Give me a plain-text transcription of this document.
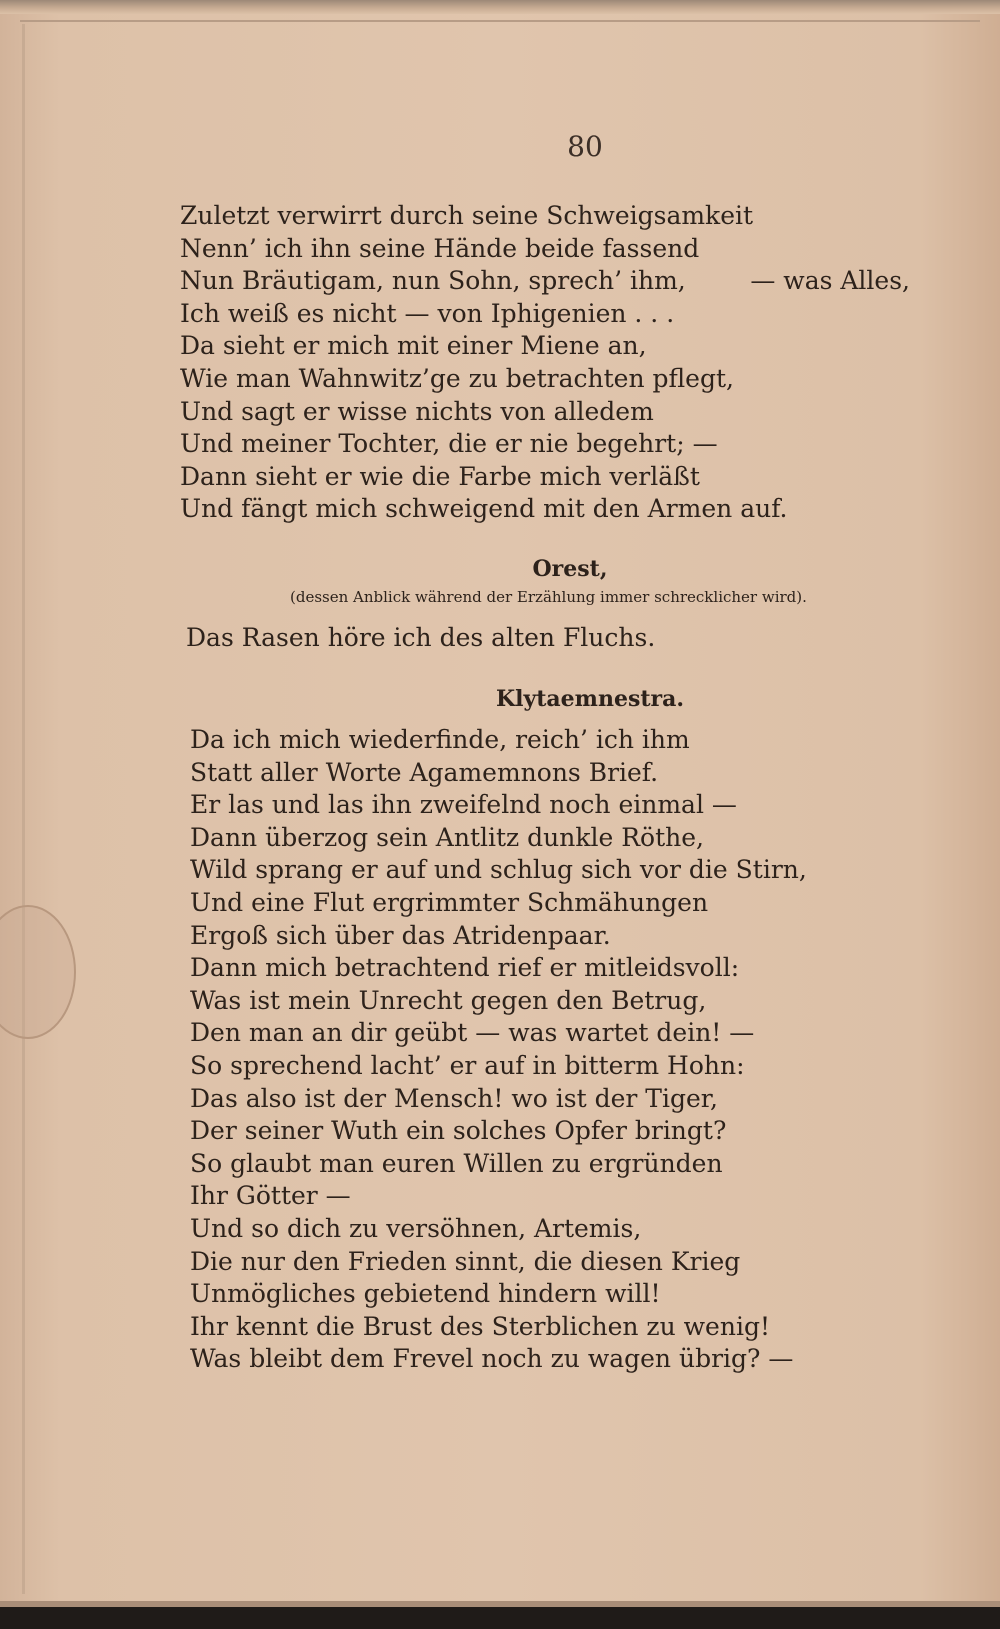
80
Zuletzt verwirrt durch seine Schweigsamkeit
Nenn’ ich ihn seine Hände beide fassend
Nun Bräutigam, nun Sohn, sprech’ ihm,	— was Alles,
Ich weiß es nicht — von Iphigenien . . .
Da sieht er mich mit einer Miene an,
Wie man Wahnwitz’ge zu betrachten pflegt,
Und sagt er wisse nichts von alledem
Und meiner Tochter, die er nie begehrt; —
Dann sieht er wie die Farbe mich verläßt
Und fängt mich schweigend mit den Armen auf.
Orest,
(dessen Anblick während der Erzählung immer schrecklicher wird).
Das Rasen höre ich des alten Fluchs.
Klytaemnestra.
Da ich mich wiederfinde, reich’ ich ihm
Statt aller Worte Agamemnons Brief.
Er las und las ihn zweifelnd noch einmal —
Dann überzog sein Antlitz dunkle Röthe,
Wild sprang er auf und schlug sich vor die Stirn,
Und eine Flut ergrimmter Schmähungen
Ergoß sich über das Atridenpaar.
Dann mich betrachtend rief er mitleidsvoll:
Was ist mein Unrecht gegen den Betrug,
Den man an dir geübt — was wartet dein! —
So sprechend lacht’ er auf in bitterm Hohn:
Das also ist der Mensch! wo ist der Tiger,
Der seiner Wuth ein solches Opfer bringt?
So glaubt man euren Willen zu ergründen
Ihr Götter —
Und so dich zu versöhnen, Artemis,
Die nur den Frieden sinnt, die diesen Krieg
Unmögliches gebietend hindern will!
Ihr kennt die Brust des Sterblichen zu wenig!
Was bleibt dem Frevel noch zu wagen übrig? —
